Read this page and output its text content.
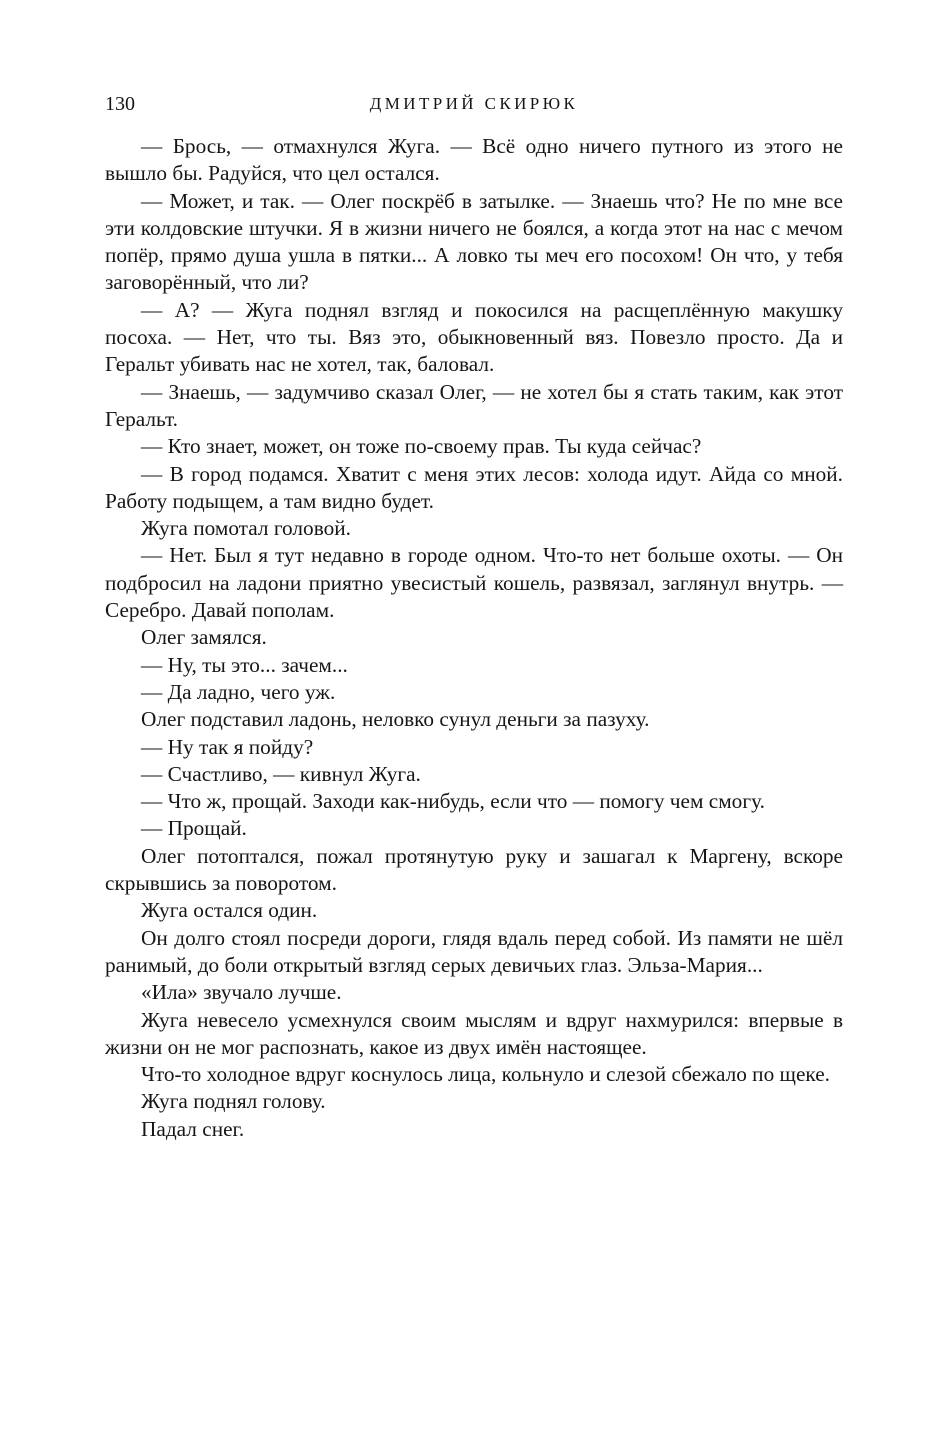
130	ДМИТРИЙ СКИРЮК

— Брось, — отмахнулся Жуга. — Всё одно ничего путного из этого не вышло бы. Радуйся, что цел остался.

— Может, и так. — Олег поскрёб в затылке. — Знаешь что? Не по мне все эти колдовские штучки. Я в жизни ничего не боялся, а когда этот на нас с мечом попёр, прямо душа ушла в пятки... А ловко ты меч его посохом! Он что, у тебя заговорённый, что ли?

— А? — Жуга поднял взгляд и покосился на расщеплённую макушку посоха. — Нет, что ты. Вяз это, обыкновенный вяз. Повезло просто. Да и Геральт убивать нас не хотел, так, баловал.

— Знаешь, — задумчиво сказал Олег, — не хотел бы я стать таким, как этот Геральт.

— Кто знает, может, он тоже по-своему прав. Ты куда сейчас?

— В город подамся. Хватит с меня этих лесов: холода идут. Айда со мной. Работу подыщем, а там видно будет.

Жуга помотал головой.

— Нет. Был я тут недавно в городе одном. Что-то нет больше охоты. — Он подбросил на ладони приятно увесистый кошель, развязал, заглянул внутрь. — Серебро. Давай пополам.

Олег замялся.

— Ну, ты это... зачем...

— Да ладно, чего уж.

Олег подставил ладонь, неловко сунул деньги за пазуху.

— Ну так я пойду?

— Счастливо, — кивнул Жуга.

— Что ж, прощай. Заходи как-нибудь, если что — помогу чем смогу.

— Прощай.

Олег потоптался, пожал протянутую руку и зашагал к Маргену, вскоре скрывшись за поворотом.

Жуга остался один.

Он долго стоял посреди дороги, глядя вдаль перед собой. Из памяти не шёл ранимый, до боли открытый взгляд серых девичьих глаз. Эльза-Мария...

«Ила» звучало лучше.

Жуга невесело усмехнулся своим мыслям и вдруг нахмурился: впервые в жизни он не мог распознать, какое из двух имён настоящее.

Что-то холодное вдруг коснулось лица, кольнуло и слезой сбежало по щеке.

Жуга поднял голову.

Падал снег.
